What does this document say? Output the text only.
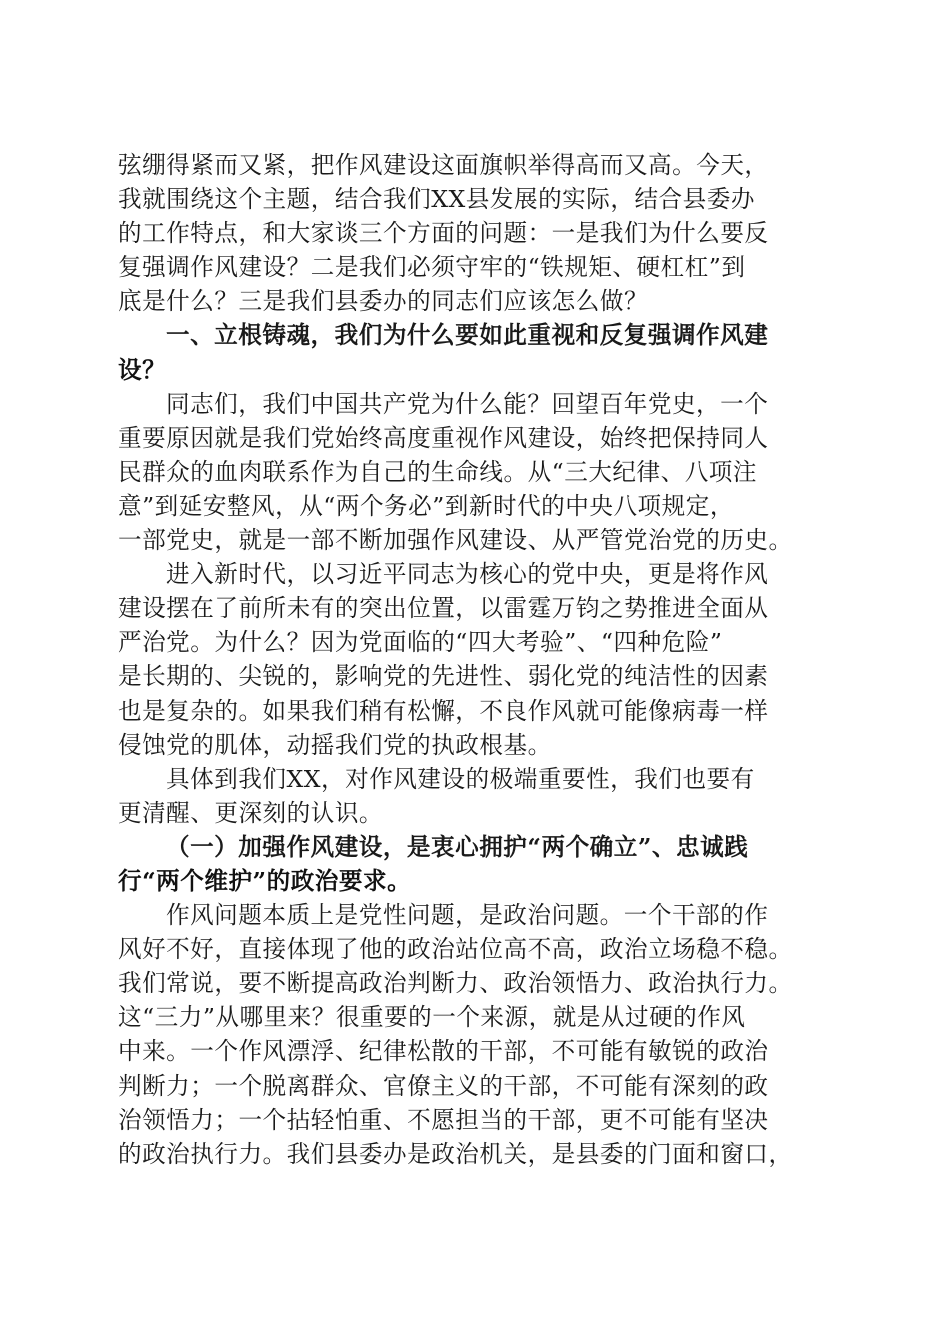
弦绷得紧而又紧，把作风建设这面旗帜举得高而又高。今天，
我就围绕这个主题，结合我们XX县发展的实际，结合县委办
的工作特点，和大家谈三个方面的问题：一是我们为什么要反
复强调作风建设？二是我们必须守牢的“铁规矩、硬杠杠”到
底是什么？三是我们县委办的同志们应该怎么做？
一、立根铸魂，我们为什么要如此重视和反复强调作风建
设？
同志们，我们中国共产党为什么能？回望百年党史，一个
重要原因就是我们党始终高度重视作风建设，始终把保持同人
民群众的血肉联系作为自己的生命线。从“三大纪律、八项注
意”到延安整风，从“两个务必”到新时代的中央八项规定，
一部党史，就是一部不断加强作风建设、从严管党治党的历史。
进入新时代，以习近平同志为核心的党中央，更是将作风
建设摆在了前所未有的突出位置，以雷霆万钧之势推进全面从
严治党。为什么？因为党面临的“四大考验”、“四种危险”
是长期的、尖锐的，影响党的先进性、弱化党的纯洁性的因素
也是复杂的。如果我们稍有松懈，不良作风就可能像病毒一样
侵蚀党的肌体，动摇我们党的执政根基。
具体到我们XX，对作风建设的极端重要性，我们也要有
更清醒、更深刻的认识。
（一）加强作风建设，是衷心拥护“两个确立”、忠诚践
行“两个维护”的政治要求。
作风问题本质上是党性问题，是政治问题。一个干部的作
风好不好，直接体现了他的政治站位高不高，政治立场稳不稳。
我们常说，要不断提高政治判断力、政治领悟力、政治执行力。
这“三力”从哪里来？很重要的一个来源，就是从过硬的作风
中来。一个作风漂浮、纪律松散的干部，不可能有敏锐的政治
判断力；一个脱离群众、官僚主义的干部，不可能有深刻的政
治领悟力；一个拈轻怕重、不愿担当的干部，更不可能有坚决
的政治执行力。我们县委办是政治机关，是县委的门面和窗口，
